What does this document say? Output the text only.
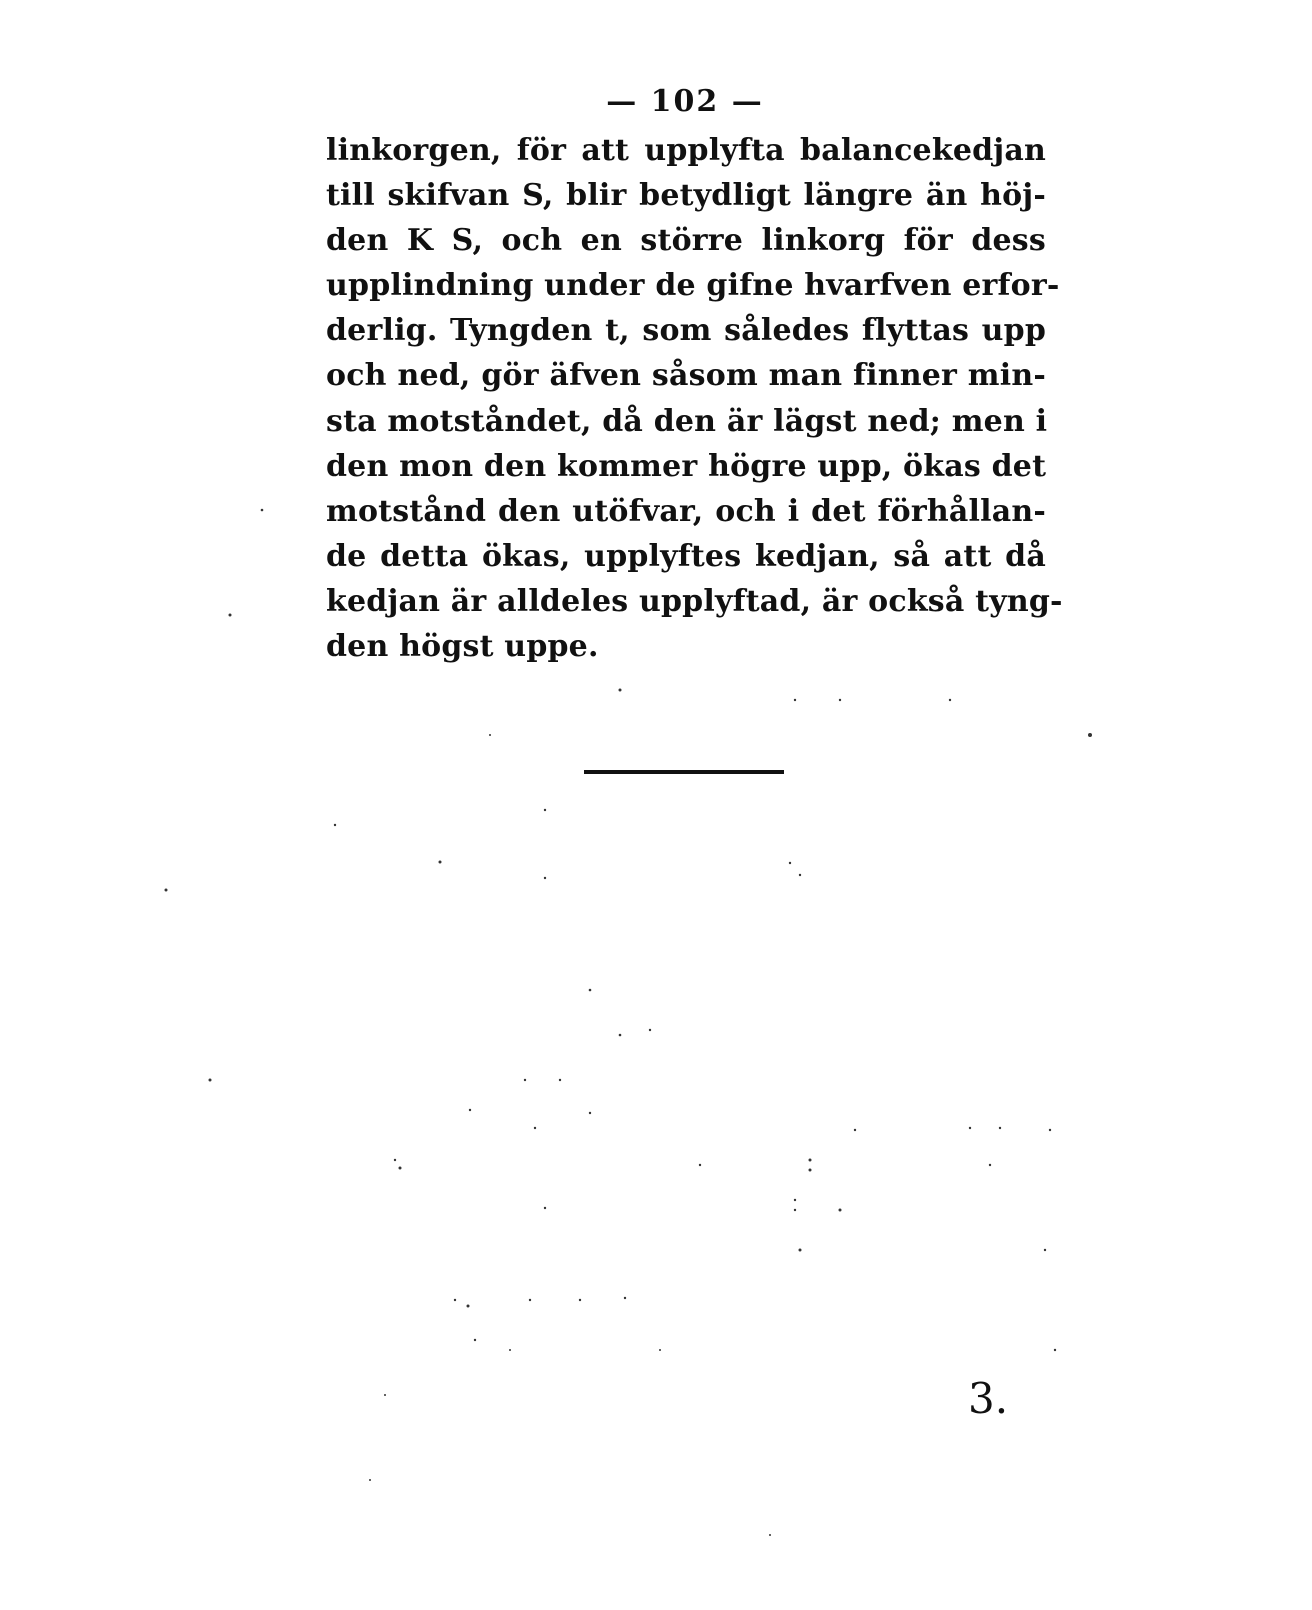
— 102 —
linkorgen, för att upplyfta balancekedjan
till skifvan S, blir betydligt längre än höj-
den K S, och en större linkorg för dess
upplindning under de gifne hvarfven erfor-
derlig. Tyngden t, som således flyttas upp
och ned, gör äfven såsom man finner min-
sta motståndet, då den är lägst ned; men i
den mon den kommer högre upp, ökas det
motstånd den utöfvar, och i det förhållan-
de detta ökas, upplyftes kedjan, så att då
kedjan är alldeles upplyftad, är också tyng-
den högst uppe.
3.
